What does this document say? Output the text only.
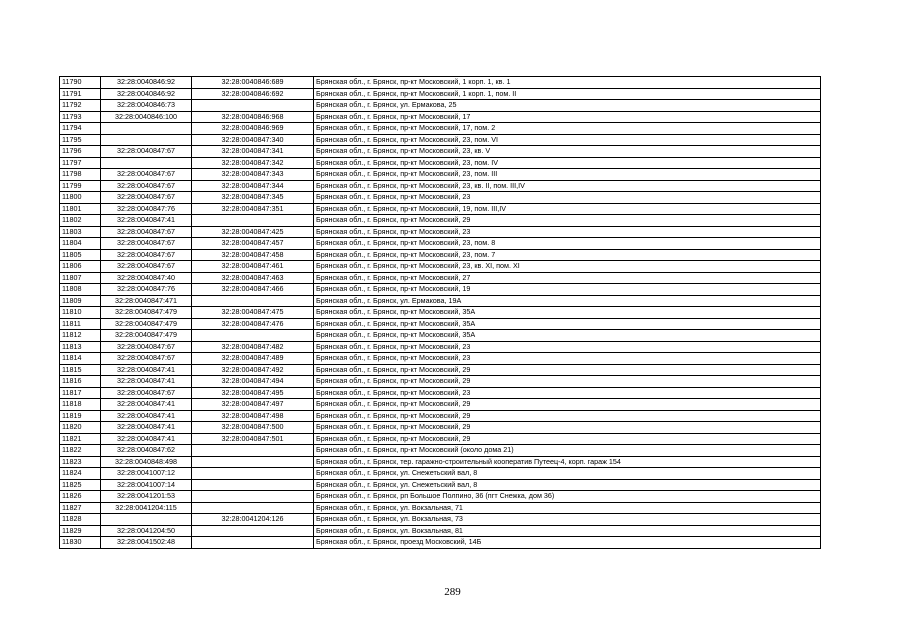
11790	32:28:0040846:92	32:28:0040846:689	Брянская обл., г. Брянск, пр-кт Московский, 1 корп. 1, кв. 1
11791	32:28:0040846:92	32:28:0040846:692	Брянская обл., г. Брянск, пр-кт Московский, 1 корп. 1, пом. II
11792	32:28:0040846:73		Брянская обл., г. Брянск, ул. Ермакова, 25
11793	32:28:0040846:100	32:28:0040846:968	Брянская обл., г. Брянск, пр-кт Московский, 17
11794		32:28:0040846:969	Брянская обл., г. Брянск, пр-кт Московский, 17, пом. 2
11795		32:28:0040847:340	Брянская обл., г. Брянск, пр-кт Московский, 23, пом. VI
11796	32:28:0040847:67	32:28:0040847:341	Брянская обл., г. Брянск, пр-кт Московский, 23, кв. V
11797		32:28:0040847:342	Брянская обл., г. Брянск, пр-кт Московский, 23, пом. IV
11798	32:28:0040847:67	32:28:0040847:343	Брянская обл., г. Брянск, пр-кт Московский, 23, пом. III
11799	32:28:0040847:67	32:28:0040847:344	Брянская обл., г. Брянск, пр-кт Московский, 23, кв. II, пом. III,IV
11800	32:28:0040847:67	32:28:0040847:345	Брянская обл., г. Брянск, пр-кт Московский, 23
11801	32:28:0040847:76	32:28:0040847:351	Брянская обл., г. Брянск, пр-кт Московский, 19, пом. III,IV
11802	32:28:0040847:41		Брянская обл., г. Брянск, пр-кт Московский, 29
11803	32:28:0040847:67	32:28:0040847:425	Брянская обл., г. Брянск, пр-кт Московский, 23
11804	32:28:0040847:67	32:28:0040847:457	Брянская обл., г. Брянск, пр-кт Московский, 23, пом. 8
11805	32:28:0040847:67	32:28:0040847:458	Брянская обл., г. Брянск, пр-кт Московский, 23, пом. 7
11806	32:28:0040847:67	32:28:0040847:461	Брянская обл., г. Брянск, пр-кт Московский, 23, кв. XI, пом. XI
11807	32:28:0040847:40	32:28:0040847:463	Брянская обл., г. Брянск, пр-кт Московский, 27
11808	32:28:0040847:76	32:28:0040847:466	Брянская обл., г. Брянск, пр-кт Московский, 19
11809	32:28:0040847:471		Брянская обл., г. Брянск, ул. Ермакова, 19А
11810	32:28:0040847:479	32:28:0040847:475	Брянская обл., г. Брянск, пр-кт Московский, 35А
11811	32:28:0040847:479	32:28:0040847:476	Брянская обл., г. Брянск, пр-кт Московский, 35А
11812	32:28:0040847:479		Брянская обл., г. Брянск, пр-кт Московский, 35А
11813	32:28:0040847:67	32:28:0040847:482	Брянская обл., г. Брянск, пр-кт Московский, 23
11814	32:28:0040847:67	32:28:0040847:489	Брянская обл., г. Брянск, пр-кт Московский, 23
11815	32:28:0040847:41	32:28:0040847:492	Брянская обл., г. Брянск, пр-кт Московский, 29
11816	32:28:0040847:41	32:28:0040847:494	Брянская обл., г. Брянск, пр-кт Московский, 29
11817	32:28:0040847:67	32:28:0040847:495	Брянская обл., г. Брянск, пр-кт Московский, 23
11818	32:28:0040847:41	32:28:0040847:497	Брянская обл., г. Брянск, пр-кт Московский, 29
11819	32:28:0040847:41	32:28:0040847:498	Брянская обл., г. Брянск, пр-кт Московский, 29
11820	32:28:0040847:41	32:28:0040847:500	Брянская обл., г. Брянск, пр-кт Московский, 29
11821	32:28:0040847:41	32:28:0040847:501	Брянская обл., г. Брянск, пр-кт Московский, 29
11822	32:28:0040847:62		Брянская обл., г. Брянск, пр-кт Московский (около дома 21)
11823	32:28:0040848:498		Брянская обл., г. Брянск, тер. гаражно-строительный кооператив Путеец-4, корп. гараж 154
11824	32:28:0041007:12		Брянская обл., г. Брянск, ул. Снежетьский вал, 8
11825	32:28:0041007:14		Брянская обл., г. Брянск, ул. Снежетьский вал, 8
11826	32:28:0041201:53		Брянская обл., г. Брянск, рп Большое Полпино, 36 (пгт Снежка, дом 36)
11827	32:28:0041204:115		Брянская обл., г. Брянск, ул. Вокзальная, 71
11828		32:28:0041204:126	Брянская обл., г. Брянск, ул. Вокзальная, 73
11829	32:28:0041204:50		Брянская обл., г. Брянск, ул. Вокзальная, 81
11830	32:28:0041502:48		Брянская обл., г. Брянск, проезд Московский, 14Б
289
